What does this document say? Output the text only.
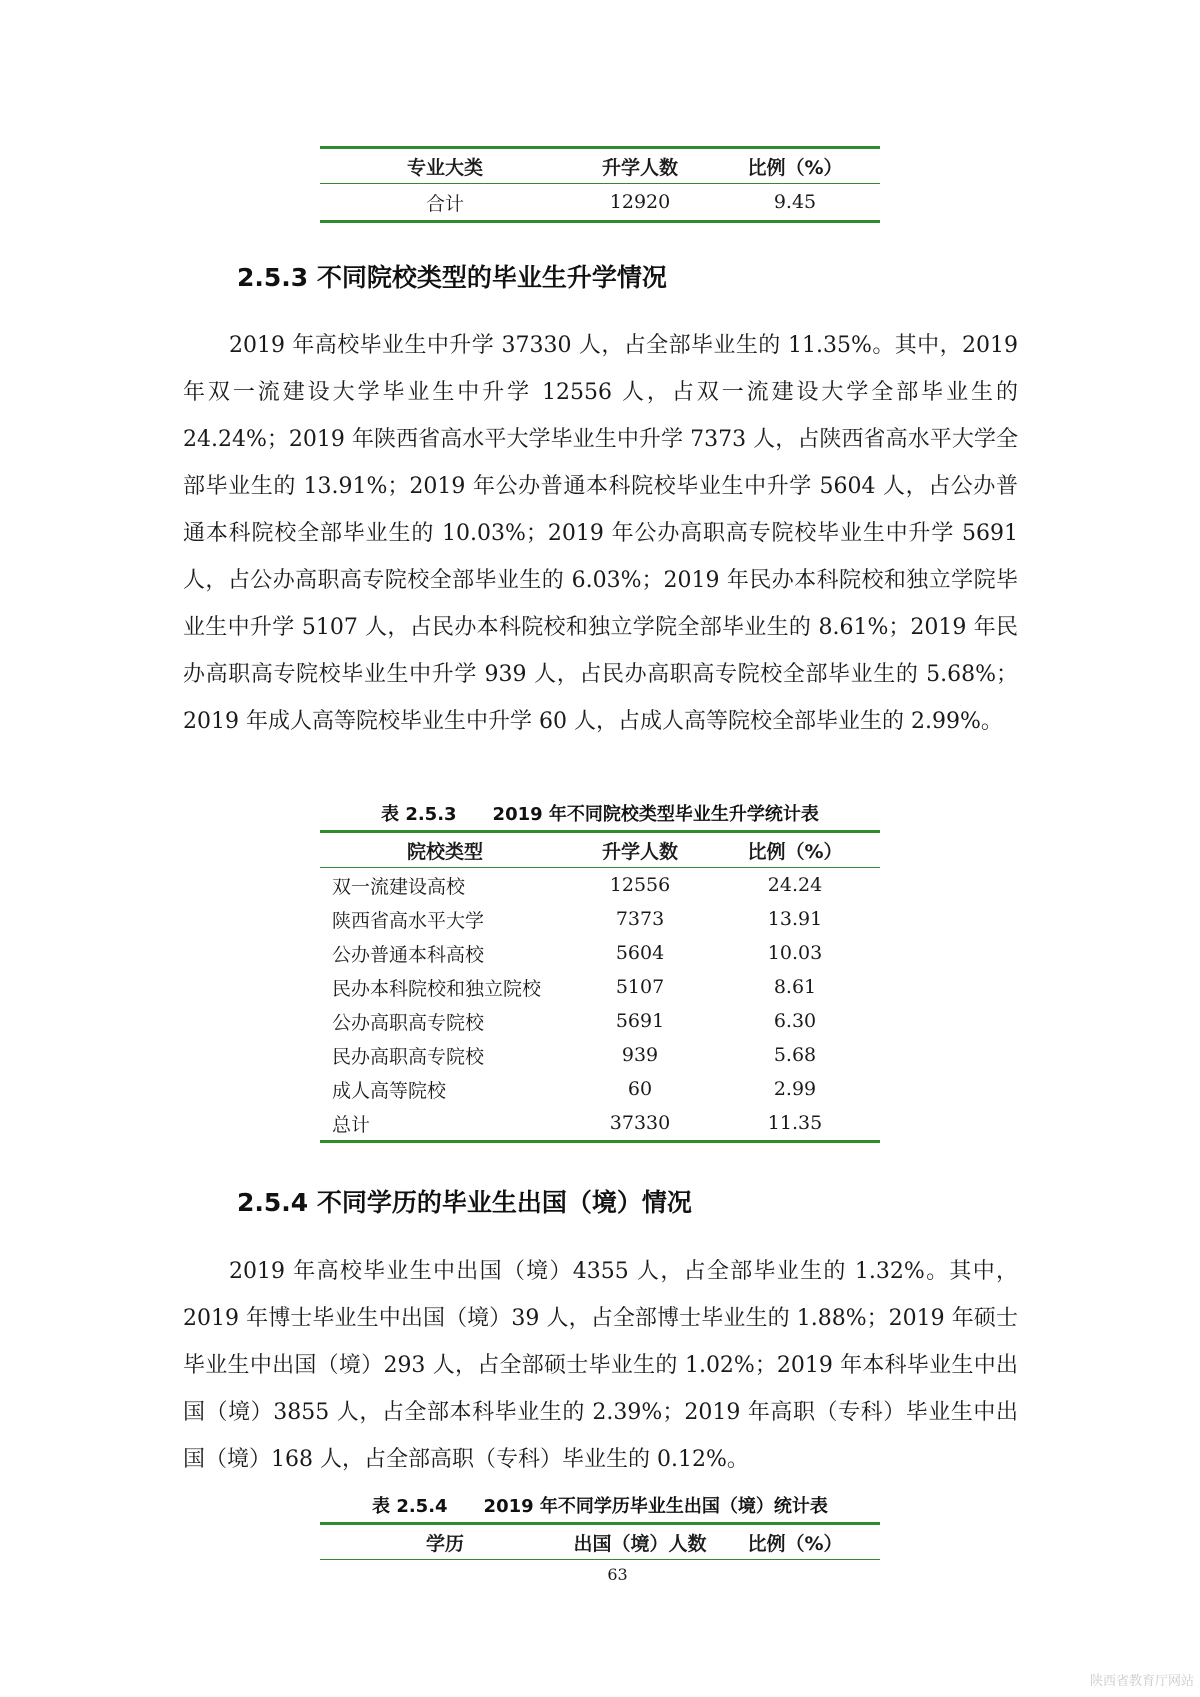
专业大类	升学人数	比例（%）
合计	12920	9.45
2.5.3 不同院校类型的毕业生升学情况

2019 年高校毕业生中升学 37330 人，占全部毕业生的 11.35%。其中，2019 年双一流建设大学毕业生中升学 12556 人，占双一流建设大学全部毕业生的 24.24%；2019 年陕西省高水平大学毕业生中升学 7373 人，占陕西省高水平大学全部毕业生的 13.91%；2019 年公办普通本科院校毕业生中升学 5604 人，占公办普通本科院校全部毕业生的 10.03%；2019 年公办高职高专院校毕业生中升学 5691 人，占公办高职高专院校全部毕业生的 6.03%；2019 年民办本科院校和独立学院毕业生中升学 5107 人，占民办本科院校和独立学院全部毕业生的 8.61%；2019 年民办高职高专院校毕业生中升学 939 人，占民办高职高专院校全部毕业生的 5.68%；2019 年成人高等院校毕业生中升学 60 人，占成人高等院校全部毕业生的 2.99%。

表 2.5.3　　2019 年不同院校类型毕业生升学统计表

院校类型	升学人数	比例（%）
双一流建设高校	12556	24.24
陕西省高水平大学	7373	13.91
公办普通本科高校	5604	10.03
民办本科院校和独立院校	5107	8.61
公办高职高专院校	5691	6.30
民办高职高专院校	939	5.68
成人高等院校	60	2.99
总计	37330	11.35
2.5.4 不同学历的毕业生出国（境）情况

2019 年高校毕业生中出国（境）4355 人，占全部毕业生的 1.32%。其中，2019 年博士毕业生中出国（境）39 人，占全部博士毕业生的 1.88%；2019 年硕士毕业生中出国（境）293 人，占全部硕士毕业生的 1.02%；2019 年本科毕业生中出国（境）3855 人，占全部本科毕业生的 2.39%；2019 年高职（专科）毕业生中出国（境）168 人，占全部高职（专科）毕业生的 0.12%。

表 2.5.4　　2019 年不同学历毕业生出国（境）统计表

学历	出国（境）人数	比例（%）
63
陕西省教育厅网站
